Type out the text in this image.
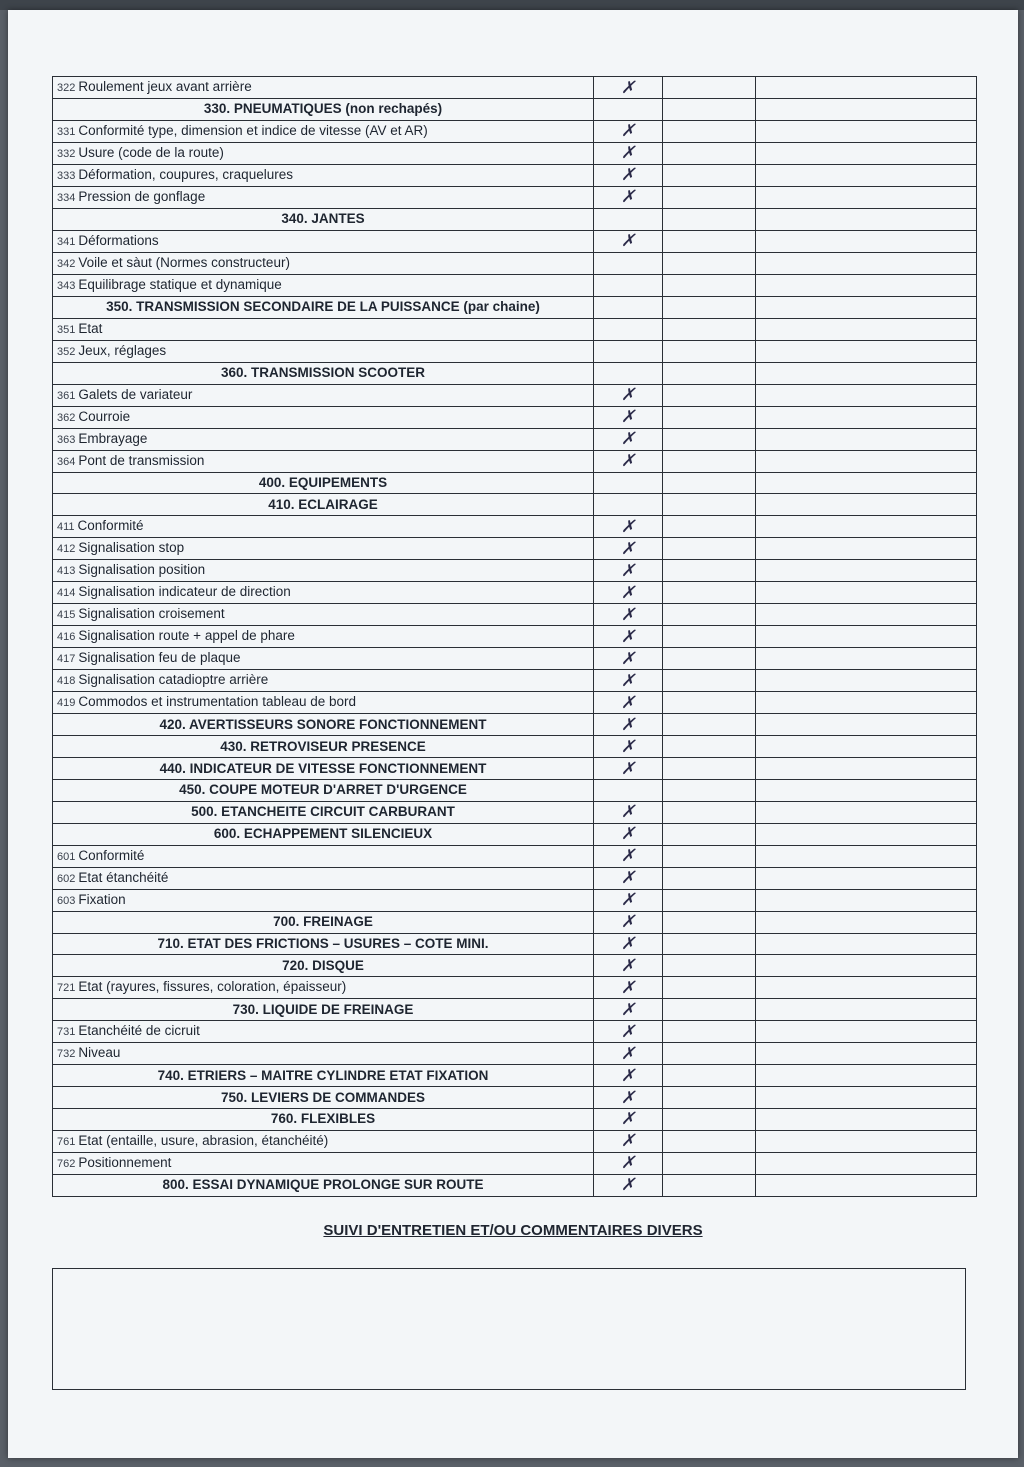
322 Roulement jeux avant arrière	✗		
330. PNEUMATIQUES (non rechapés)			
331 Conformité type, dimension et indice de vitesse (AV et AR)	✗		
332 Usure (code de la route)	✗		
333 Déformation, coupures, craquelures	✗		
334 Pression de gonflage	✗		
340. JANTES			
341 Déformations	✗		
342 Voile et sàut (Normes constructeur)			
343 Equilibrage statique et dynamique			
350. TRANSMISSION SECONDAIRE DE LA PUISSANCE (par chaine)			
351 Etat			
352 Jeux, réglages			
360. TRANSMISSION SCOOTER			
361 Galets de variateur	✗		
362 Courroie	✗		
363 Embrayage	✗		
364 Pont de transmission	✗		
400. EQUIPEMENTS			
410. ECLAIRAGE			
411 Conformité	✗		
412 Signalisation stop	✗		
413 Signalisation position	✗		
414 Signalisation indicateur de direction	✗		
415 Signalisation croisement	✗		
416 Signalisation route + appel de phare	✗		
417 Signalisation feu de plaque	✗		
418 Signalisation catadioptre arrière	✗		
419 Commodos et instrumentation tableau de bord	✗		
420. AVERTISSEURS SONORE FONCTIONNEMENT	✗		
430. RETROVISEUR PRESENCE	✗		
440. INDICATEUR DE VITESSE FONCTIONNEMENT	✗		
450. COUPE MOTEUR D'ARRET D'URGENCE			
500. ETANCHEITE CIRCUIT CARBURANT	✗		
600. ECHAPPEMENT SILENCIEUX	✗		
601 Conformité	✗		
602 Etat étanchéité	✗		
603 Fixation	✗		
700. FREINAGE	✗		
710. ETAT DES FRICTIONS – USURES – COTE MINI.	✗		
720. DISQUE	✗		
721 Etat (rayures, fissures, coloration, épaisseur)	✗		
730. LIQUIDE DE FREINAGE	✗		
731 Etanchéité de cicruit	✗		
732 Niveau	✗		
740. ETRIERS – MAITRE CYLINDRE ETAT FIXATION	✗		
750. LEVIERS DE COMMANDES	✗		
760. FLEXIBLES	✗		
761 Etat (entaille, usure, abrasion, étanchéité)	✗		
762 Positionnement	✗		
800. ESSAI DYNAMIQUE PROLONGE SUR ROUTE	✗		
SUIVI D'ENTRETIEN ET/OU COMMENTAIRES DIVERS
